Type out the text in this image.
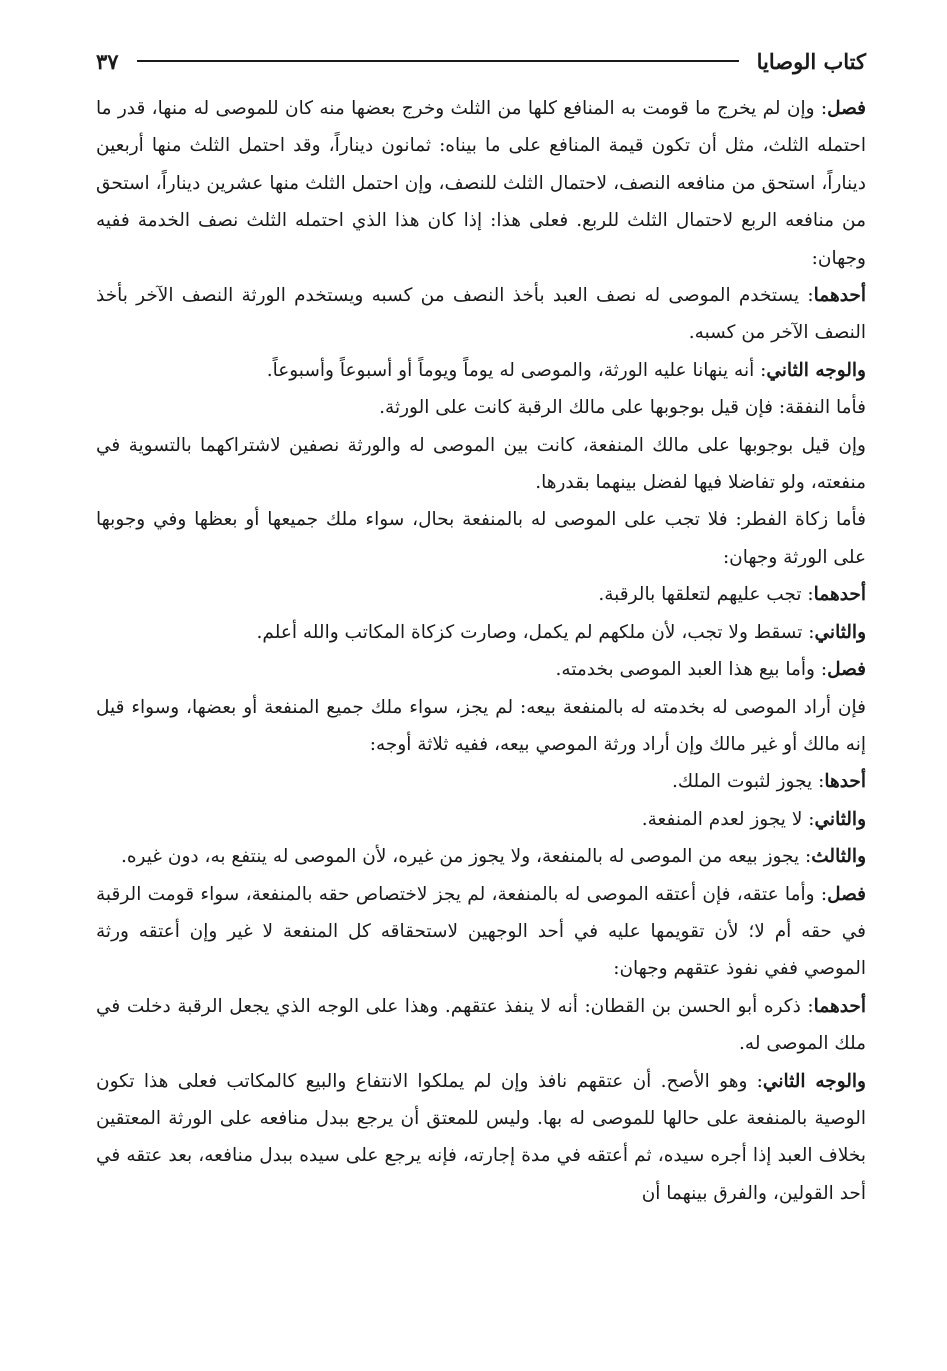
كتاب الوصايا
٣٧

فصل: وإن لم يخرج ما قومت به المنافع كلها من الثلث وخرج بعضها منه كان للموصى له منها، قدر ما احتمله الثلث، مثل أن تكون قيمة المنافع على ما بيناه: ثمانون ديناراً، وقد احتمل الثلث منها أربعين ديناراً، استحق من منافعه النصف، لاحتمال الثلث للنصف، وإن احتمل الثلث منها عشرين ديناراً، استحق من منافعه الربع لاحتمال الثلث للربع. فعلى هذا: إذا كان هذا الذي احتمله الثلث نصف الخدمة ففيه وجهان:

أحدهما: يستخدم الموصى له نصف العبد بأخذ النصف من كسبه ويستخدم الورثة النصف الآخر بأخذ النصف الآخر من كسبه.

والوجه الثاني: أنه ينهانا عليه الورثة، والموصى له يوماً ويوماً أو أسبوعاً وأسبوعاً.

فأما النفقة: فإن قيل بوجوبها على مالك الرقبة كانت على الورثة.

وإن قيل بوجوبها على مالك المنفعة، كانت بين الموصى له والورثة نصفين لاشتراكهما بالتسوية في منفعته، ولو تفاضلا فيها لفضل بينهما بقدرها.

فأما زكاة الفطر: فلا تجب على الموصى له بالمنفعة بحال، سواء ملك جميعها أو بعظها وفي وجوبها على الورثة وجهان:

أحدهما: تجب عليهم لتعلقها بالرقبة.

والثاني: تسقط ولا تجب، لأن ملكهم لم يكمل، وصارت كزكاة المكاتب والله أعلم.

فصل: وأما بيع هذا العبد الموصى بخدمته.

فإن أراد الموصى له بخدمته له بالمنفعة بيعه: لم يجز، سواء ملك جميع المنفعة أو بعضها، وسواء قيل إنه مالك أو غير مالك وإن أراد ورثة الموصي بيعه، ففيه ثلاثة أوجه:

أحدها: يجوز لثبوت الملك.

والثاني: لا يجوز لعدم المنفعة.

والثالث: يجوز بيعه من الموصى له بالمنفعة، ولا يجوز من غيره، لأن الموصى له ينتفع به، دون غيره.

فصل: وأما عتقه، فإن أعتقه الموصى له بالمنفعة، لم يجز لاختصاص حقه بالمنفعة، سواء قومت الرقبة في حقه أم لا؛ لأن تقويمها عليه في أحد الوجهين لاستحقاقه كل المنفعة لا غير وإن أعتقه ورثة الموصي ففي نفوذ عتقهم وجهان:

أحدهما: ذكره أبو الحسن بن القطان: أنه لا ينفذ عتقهم. وهذا على الوجه الذي يجعل الرقبة دخلت في ملك الموصى له.

والوجه الثاني: وهو الأصح. أن عتقهم نافذ وإن لم يملكوا الانتفاع والبيع كالمكاتب فعلى هذا تكون الوصية بالمنفعة على حالها للموصى له بها. وليس للمعتق أن يرجع ببدل منافعه على الورثة المعتقين بخلاف العبد إذا أجره سيده، ثم أعتقه في مدة إجارته، فإنه يرجع على سيده ببدل منافعه، بعد عتقه في أحد القولين، والفرق بينهما أن
